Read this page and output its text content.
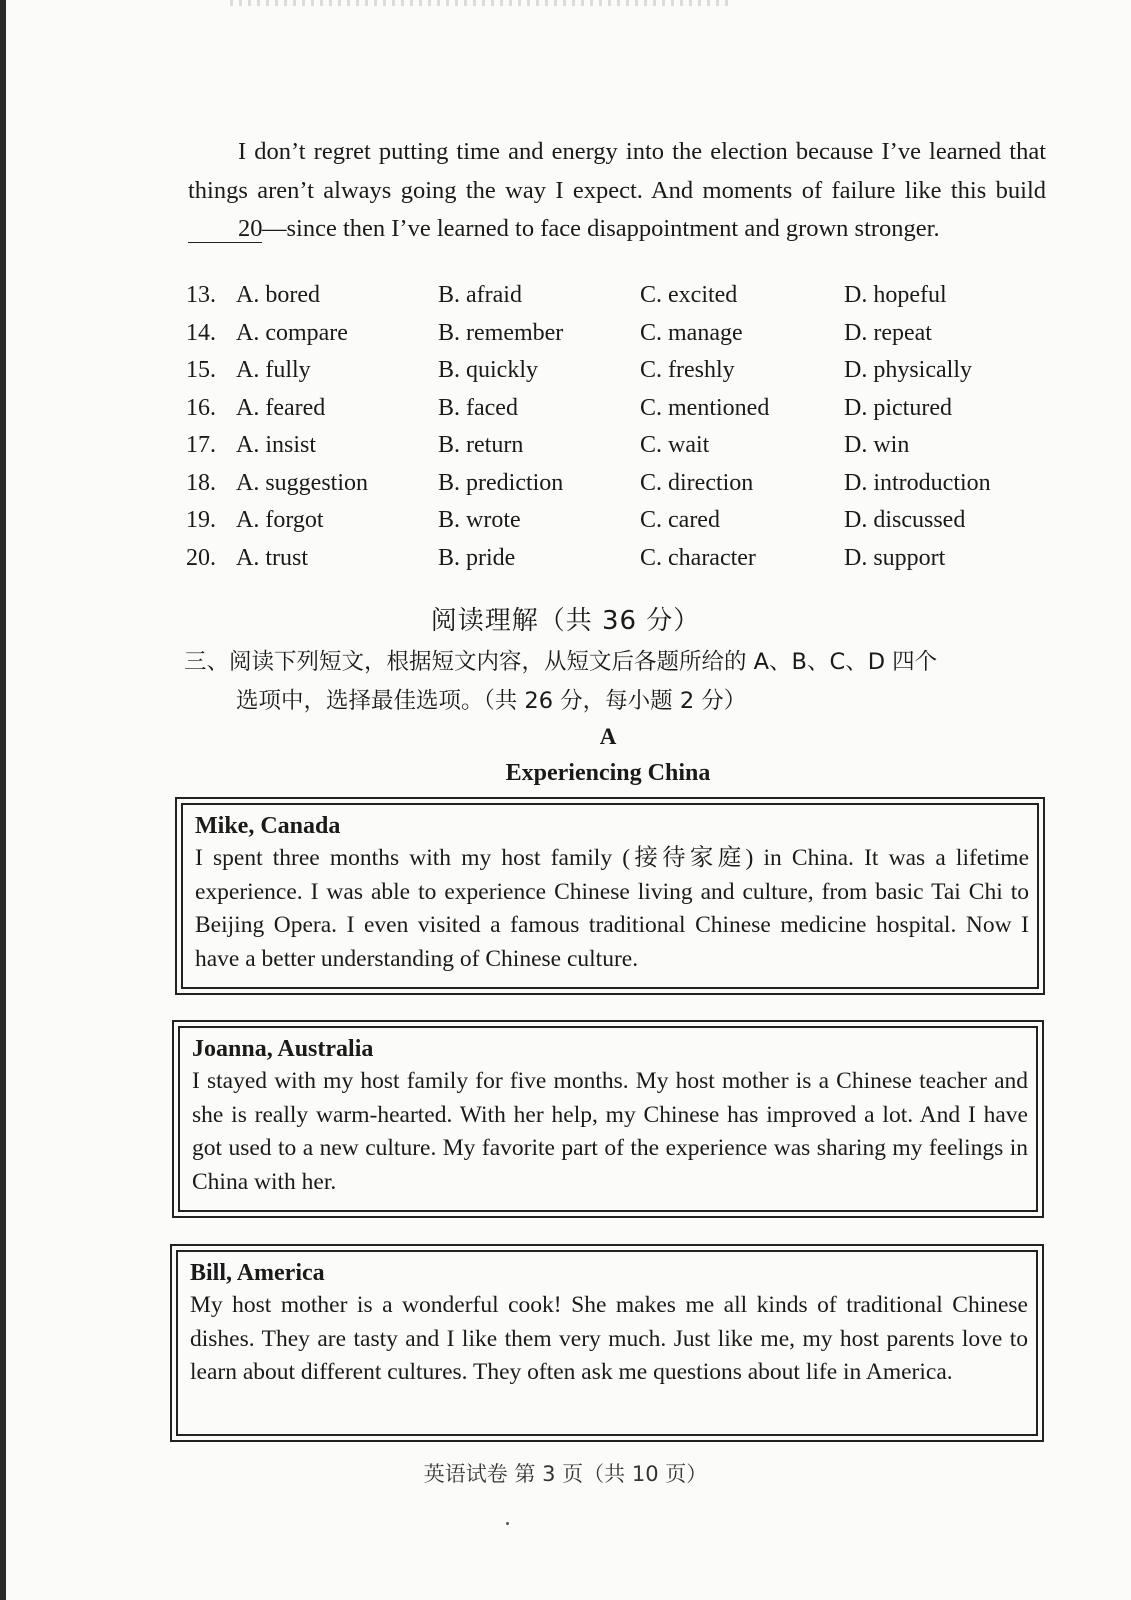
I don’t regret putting time and energy into the election because I’ve learned that things aren’t always going the way I expect. And moments of failure like this build 20—since then I’ve learned to face disappointment and grown stronger.

13. A. bored	B. afraid	C. excited	D. hopeful
14. A. compare	B. remember	C. manage	D. repeat
15. A. fully	B. quickly	C. freshly	D. physically
16. A. feared	B. faced	C. mentioned	D. pictured
17. A. insist	B. return	C. wait	D. win
18. A. suggestion	B. prediction	C. direction	D. introduction
19. A. forgot	B. wrote	C. cared	D. discussed
20. A. trust	B. pride	C. character	D. support
阅读理解（共 36 分）
三、阅读下列短文，根据短文内容，从短文后各题所给的 A、B、C、D 四个
选项中，选择最佳选项。（共 26 分，每小题 2 分）
A
Experiencing China
Mike, Canada

I spent three months with my host family (接待家庭) in China. It was a lifetime experience. I was able to experience Chinese living and culture, from basic Tai Chi to Beijing Opera. I even visited a famous traditional Chinese medicine hospital. Now I have a better understanding of Chinese culture.

Joanna, Australia

I stayed with my host family for five months. My host mother is a Chinese teacher and she is really warm-hearted. With her help, my Chinese has improved a lot. And I have got used to a new culture. My favorite part of the experience was sharing my feelings in China with her.

Bill, America

My host mother is a wonderful cook! She makes me all kinds of traditional Chinese dishes. They are tasty and I like them very much. Just like me, my host parents love to learn about different cultures. They often ask me questions about life in America.

英语试卷 第 3 页（共 10 页）
